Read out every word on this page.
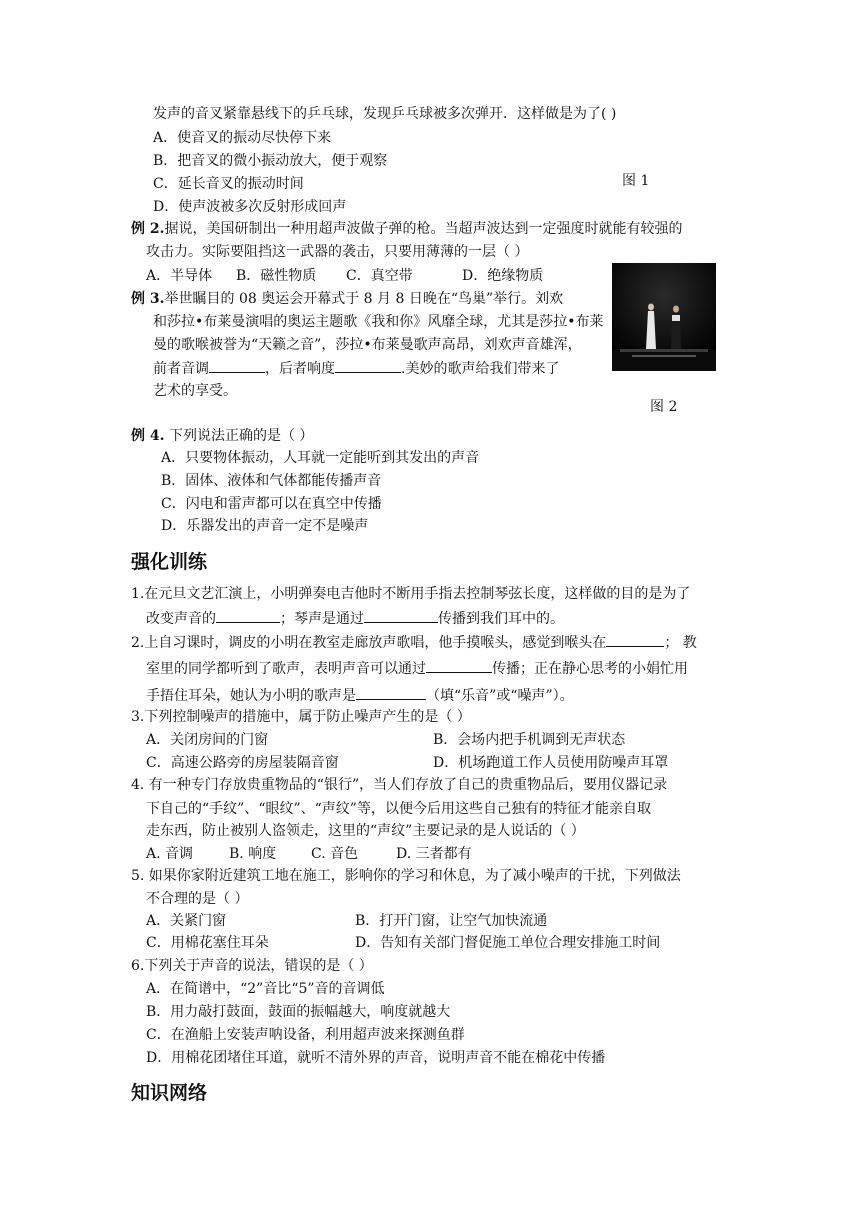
发声的音叉紧靠悬线下的乒乓球，发现乒乓球被多次弹开．这样做是为了( )
A．使音叉的振动尽快停下来
B．把音叉的微小振动放大，便于观察
C．延长音叉的振动时间
D．使声波被多次反射形成回声
图 1
例 2.据说，美国研制出一种用超声波做子弹的枪。当超声波达到一定强度时就能有较强的
攻击力。实际要阻挡这一武器的袭击，只要用薄薄的一层（ ）
A．半导体 B．磁性物质 C．真空带	D．绝缘物质
例 3.举世瞩目的 08 奥运会开幕式于 8 月 8 日晚在“鸟巢”举行。刘欢
和莎拉•布莱曼演唱的奥运主题歌《我和你》风靡全球，尤其是莎拉•布莱
曼的歌喉被誉为“天籁之音”，莎拉•布莱曼歌声高昂，刘欢声音雄浑，
前者音调	，后者响度	.美妙的歌声给我们带来了
艺术的享受。
图 2
例 4. 下列说法正确的是（ ）
A．只要物体振动，人耳就一定能听到其发出的声音
B．固体、液体和气体都能传播声音
C．闪电和雷声都可以在真空中传播
D．乐器发出的声音一定不是噪声
强化训练
1.在元旦文艺汇演上，小明弹奏电吉他时不断用手指去控制琴弦长度，这样做的目的是为了
改变声音的	；琴声是通过	传播到我们耳中的。
2.上自习课时，调皮的小明在教室走廊放声歌唱，他手摸喉头，感觉到喉头在	； 教
室里的同学都听到了歌声，表明声音可以通过	传播；正在静心思考的小娟忙用
手捂住耳朵，她认为小明的歌声是	（填“乐音”或“噪声”）。
3.下列控制噪声的措施中，属于防止噪声产生的是（ ）
A．关闭房间的门窗	B．会场内把手机调到无声状态
C．高速公路旁的房屋装隔音窗	D．机场跑道工作人员使用防噪声耳罩
4. 有一种专门存放贵重物品的“银行”，当人们存放了自己的贵重物品后，要用仪器记录
下自己的“手纹”、“眼纹”、“声纹”等，以便今后用这些自己独有的特征才能亲自取
走东西，防止被别人盗领走，这里的“声纹”主要记录的是人说话的（ ）
A. 音调	B. 响度 C. 音色	D. 三者都有
5. 如果你家附近建筑工地在施工，影响你的学习和休息，为了减小噪声的干扰，下列做法
不合理的是（ ）
A．关紧门窗	B．打开门窗，让空气加快流通
C．用棉花塞住耳朵	D．告知有关部门督促施工单位合理安排施工时间
6.下列关于声音的说法，错误的是（ ）
A．在简谱中，“2”音比“5”音的音调低
B．用力敲打鼓面，鼓面的振幅越大，响度就越大
C．在渔船上安装声呐设备，利用超声波来探测鱼群
D．用棉花团堵住耳道，就听不清外界的声音，说明声音不能在棉花中传播
知识网络
